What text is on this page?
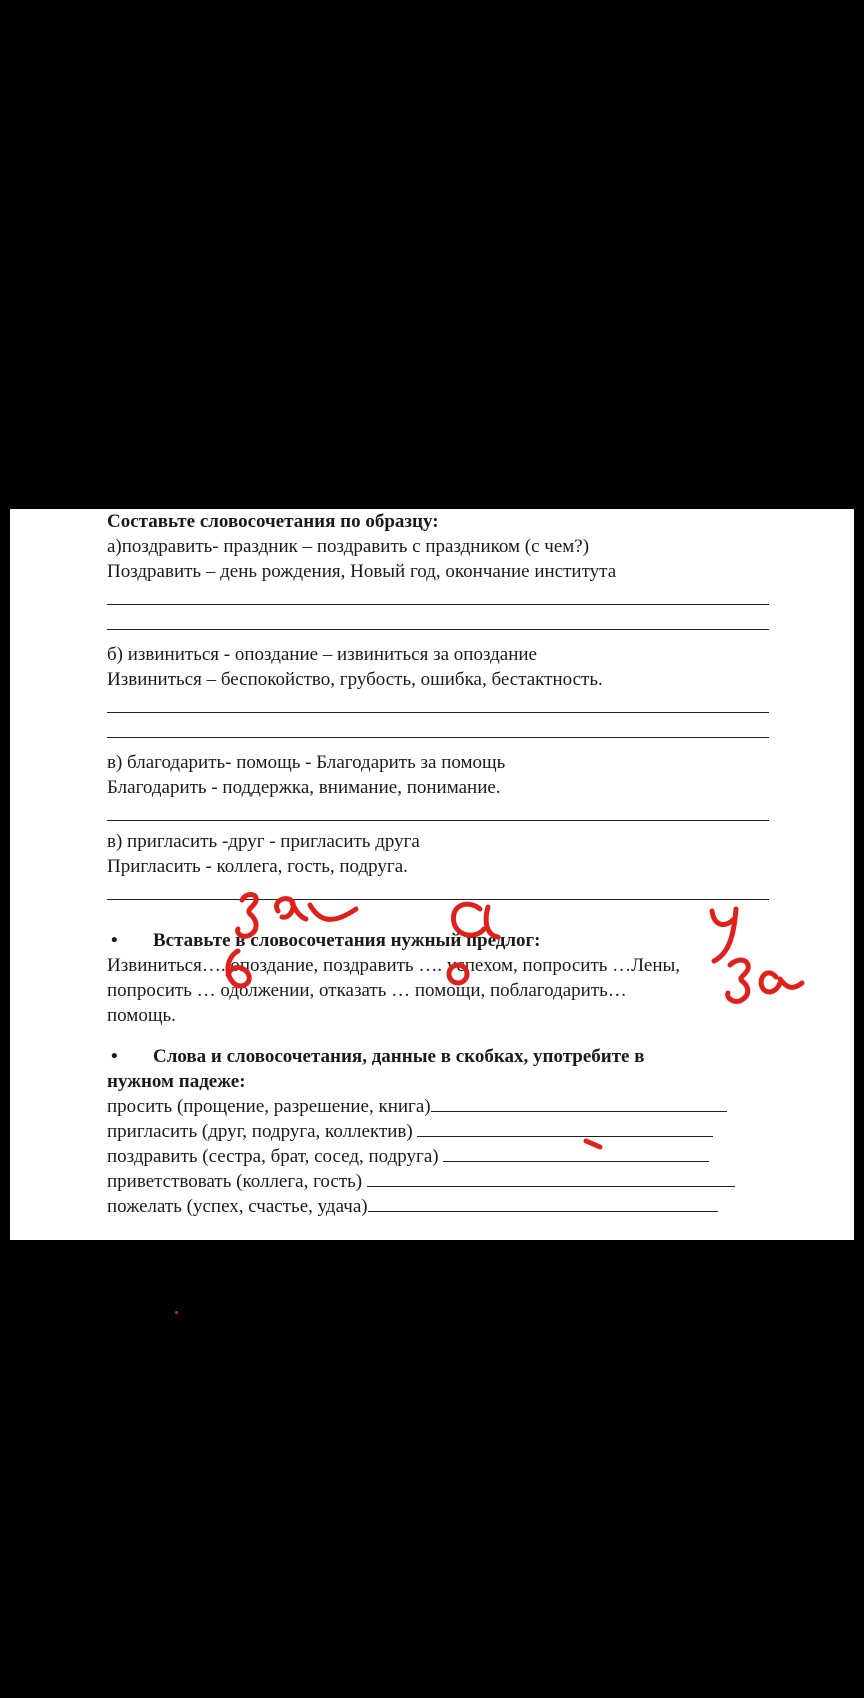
Составьте словосочетания по образцу:
а)поздравить- праздник – поздравить с праздником (с чем?)
Поздравить – день рождения, Новый год, окончание института
б) извиниться - опоздание – извиниться за опоздание
Извиниться – беспокойство, грубость, ошибка, бестактность.
в) благодарить- помощь - Благодарить за помощь
Благодарить - поддержка, внимание, понимание.
в) пригласить -друг - пригласить друга
Пригласить - коллега, гость, подруга.
• Вставьте в словосочетания нужный предлог:
Извиниться…. опоздание, поздравить …. успехом, попросить …Лены,
попросить … одолжении, отказать … помощи, поблагодарить…
помощь.
• Слова и словосочетания, данные в скобках, употребите в
нужном падеже:
просить (прощение, разрешение, книга)
пригласить (друг, подруга, коллектив)
поздравить (сестра, брат, сосед, подруга)
приветствовать (коллега, гость)
пожелать (успех, счастье, удача)
